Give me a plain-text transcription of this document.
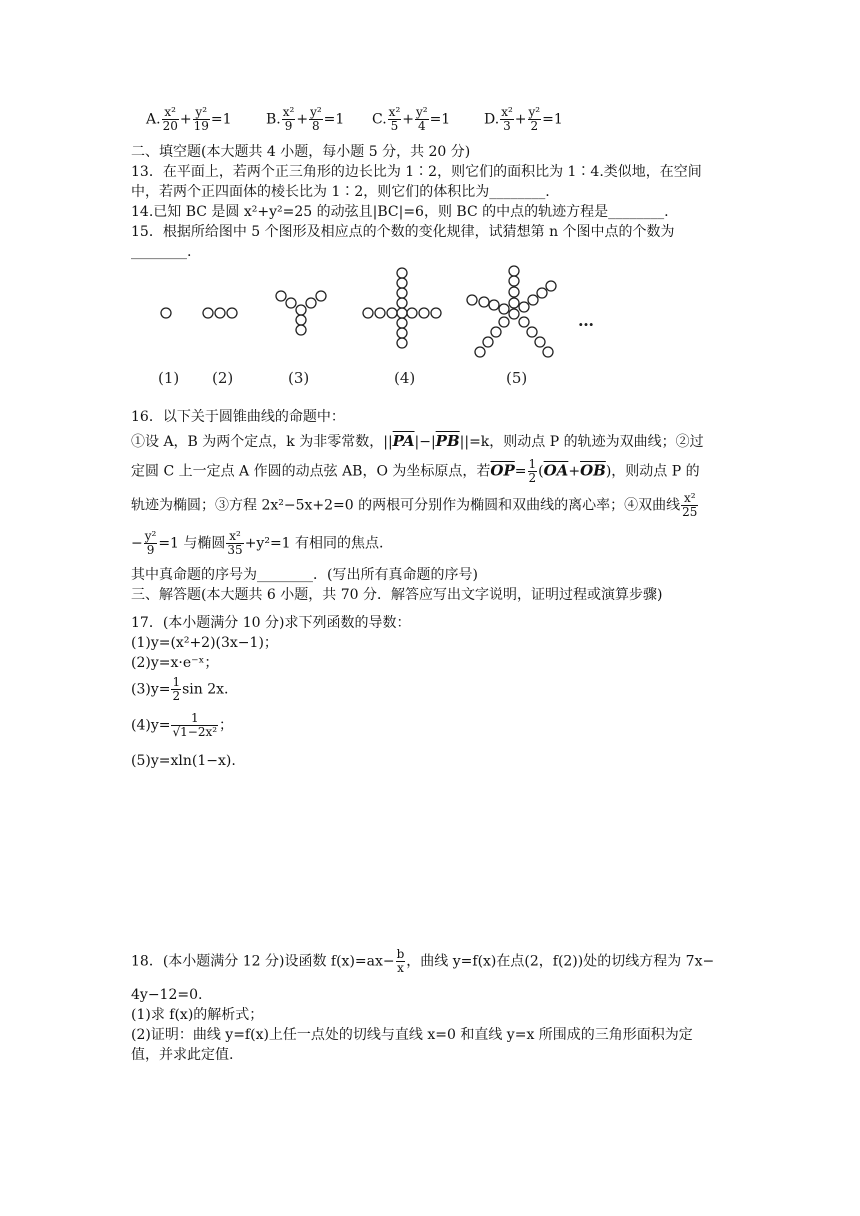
A. $\frac{\text{x²}}{20} + \frac{\text{y²}}{19} =1$ B. $\frac{\text{x²}}{9} + \frac{\text{y²}}{8} =1$ C. $\frac{\text{x²}}{5} + \frac{\text{y²}}{4} =1$ D. $\frac{\text{x²}}{3} + \frac{\text{y²}}{2} =1$
二、填空题(本大题共 4 小题，每小题 5 分，共 20 分)
13．在平面上，若两个正三角形的边长比为 1∶2，则它们的面积比为 1∶4.类似地，在空间
中，若两个正四面体的棱长比为 1∶2，则它们的体积比为________.
14.已知 BC 是圆 x²+y²=25 的动弦且|BC|=6，则 BC 的中点的轨迹方程是________.
15．根据所给图中 5 个图形及相应点的个数的变化规律，试猜想第 n 个图中点的个数为
________.
…
(1) (2)	(3)	(4)	(5)
16．以下关于圆锥曲线的命题中：
①设 A，B 为两个定点，k 为非零常数，$||\overline{PA}|-|\overline{PB}||=k$，则动点 P 的轨迹为双曲线；②过
定圆 C 上一定点 A 作圆的动点弦 AB，O 为坐标原点，若$\overline{OP}= \frac{1}{2} (\overline{OA}+\overline{OB})$，则动点 P 的
轨迹为椭圆；③方程 2x²−5x+2=0 的两根可分别作为椭圆和双曲线的离心率；④双曲线 $\frac{\text{x²}}{25}$
− $\frac{\text{y²}}{9} =1$ 与椭圆 $\frac{\text{x²}}{35} +y^2=1$ 有相同的焦点.
其中真命题的序号为________．(写出所有真命题的序号)
三、解答题(本大题共 6 小题，共 70 分．解答应写出文字说明，证明过程或演算步骤)
17．(本小题满分 10 分)求下列函数的导数：
(1)y=(x²+2)(3x−1)；
(2)y=x·e⁻ˣ；
$(3)y= \frac{1}{2}$ sin 2x.
$(4)y= \frac{1}{\text{√1−2x²}}$ ；
(5)y=xln(1−x).
18．(本小题满分 12 分)设函数 $f(x)=ax- \frac{b}{x}$ ，曲线 y=f(x)在点(2，f(2))处的切线方程为 7x−
4y−12=0.
(1)求 f(x)的解析式；
(2)证明：曲线 y=f(x)上任一点处的切线与直线 x=0 和直线 y=x 所围成的三角形面积为定
值，并求此定值.
